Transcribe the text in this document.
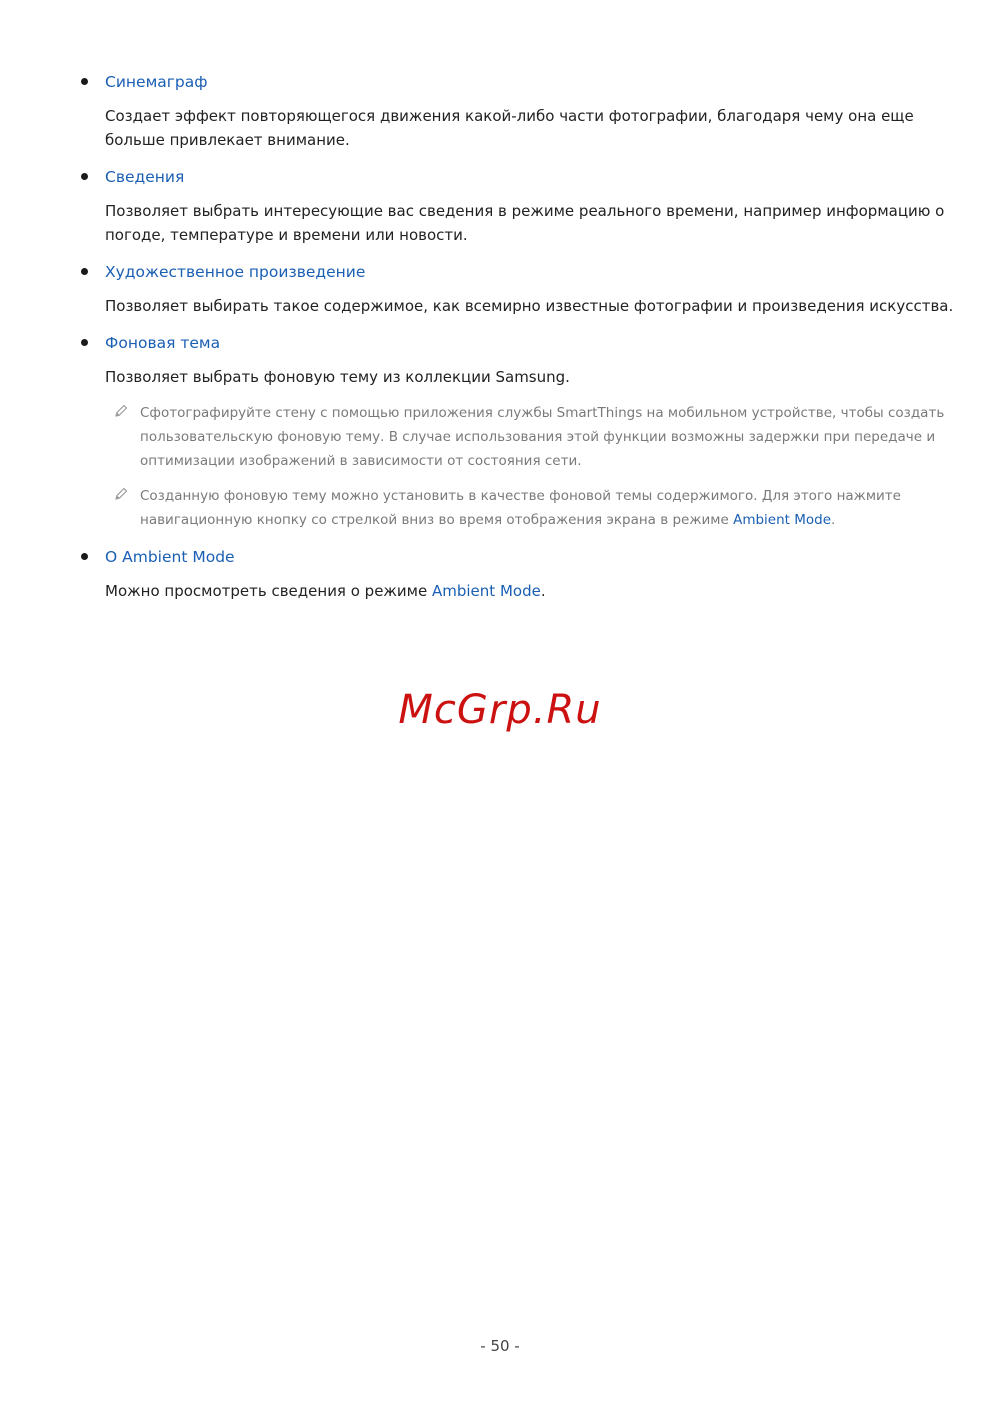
Синемаграф
Создает эффект повторяющегося движения какой-либо части фотографии, благодаря чему она еще
больше привлекает внимание.
Сведения
Позволяет выбрать интересующие вас сведения в режиме реального времени, например информацию о
погоде, температуре и времени или новости.
Художественное произведение
Позволяет выбирать такое содержимое, как всемирно известные фотографии и произведения искусства.
Фоновая тема
Позволяет выбрать фоновую тему из коллекции Samsung.
Сфотографируйте стену с помощью приложения службы SmartThings на мобильном устройстве, чтобы создать
пользовательскую фоновую тему. В случае использования этой функции возможны задержки при передаче и
оптимизации изображений в зависимости от состояния сети.
Созданную фоновую тему можно установить в качестве фоновой темы содержимого. Для этого нажмите
навигационную кнопку со стрелкой вниз во время отображения экрана в режиме Ambient Mode.
О Ambient Mode
Можно просмотреть сведения о режиме Ambient Mode.
McGrp.Ru
- 50 -
